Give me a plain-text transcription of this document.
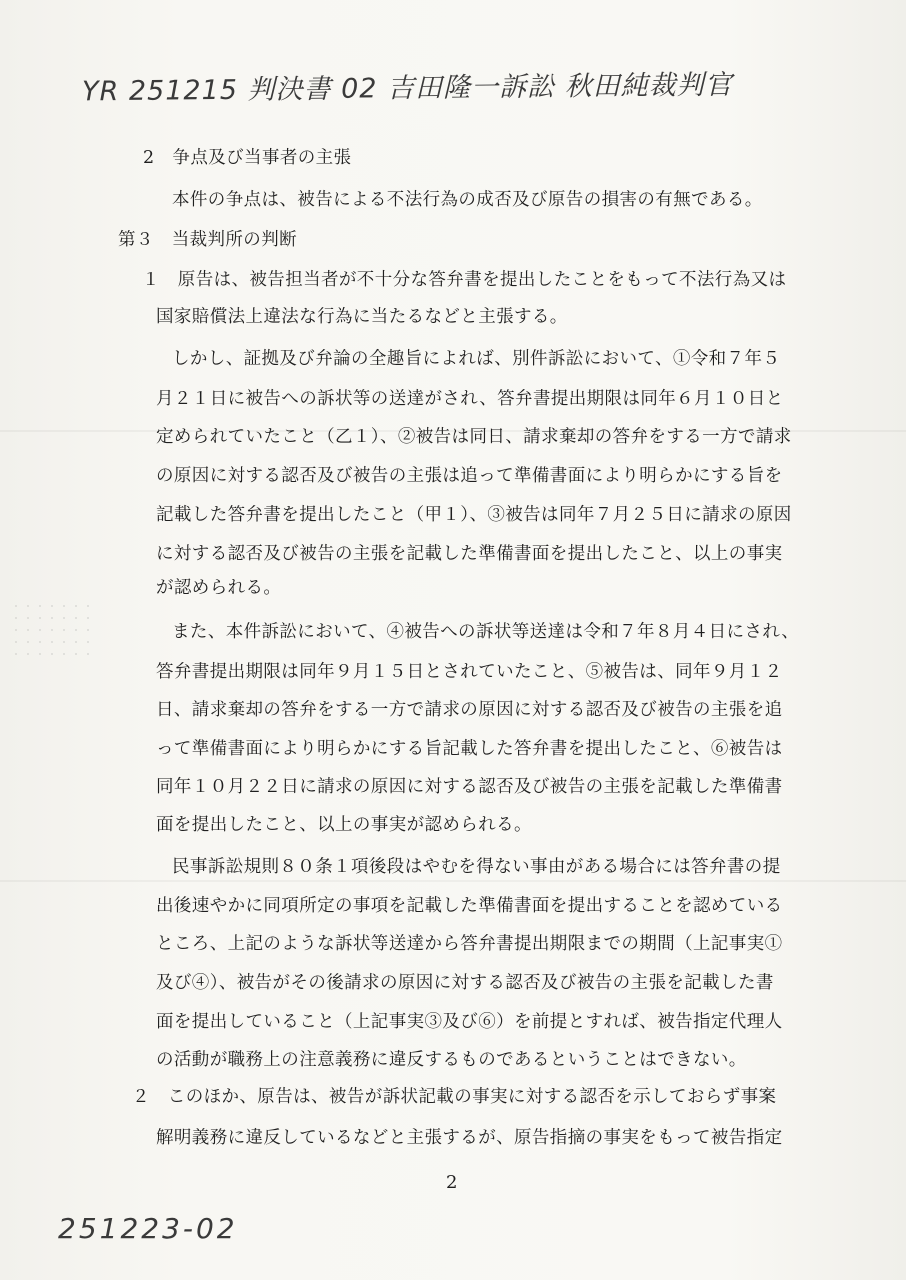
YR 251215 判決書 02 吉田隆一訴訟 秋田純裁判官
2　争点及び当事者の主張
本件の争点は、被告による不法行為の成否及び原告の損害の有無である。
第３　当裁判所の判断
１　原告は、被告担当者が不十分な答弁書を提出したことをもって不法行為又は
国家賠償法上違法な行為に当たるなどと主張する。
しかし、証拠及び弁論の全趣旨によれば、別件訴訟において、①令和７年５
月２１日に被告への訴状等の送達がされ、答弁書提出期限は同年６月１０日と
定められていたこと（乙１）、②被告は同日、請求棄却の答弁をする一方で請求
の原因に対する認否及び被告の主張は追って準備書面により明らかにする旨を
記載した答弁書を提出したこと（甲１）、③被告は同年７月２５日に請求の原因
に対する認否及び被告の主張を記載した準備書面を提出したこと、以上の事実
が認められる。
また、本件訴訟において、④被告への訴状等送達は令和７年８月４日にされ、
答弁書提出期限は同年９月１５日とされていたこと、⑤被告は、同年９月１２
日、請求棄却の答弁をする一方で請求の原因に対する認否及び被告の主張を追
って準備書面により明らかにする旨記載した答弁書を提出したこと、⑥被告は
同年１０月２２日に請求の原因に対する認否及び被告の主張を記載した準備書
面を提出したこと、以上の事実が認められる。
民事訴訟規則８０条１項後段はやむを得ない事由がある場合には答弁書の提
出後速やかに同項所定の事項を記載した準備書面を提出することを認めている
ところ、上記のような訴状等送達から答弁書提出期限までの期間（上記事実①
及び④）、被告がその後請求の原因に対する認否及び被告の主張を記載した書
面を提出していること（上記事実③及び⑥）を前提とすれば、被告指定代理人
の活動が職務上の注意義務に違反するものであるということはできない。
２　このほか、原告は、被告が訴状記載の事実に対する認否を示しておらず事案
解明義務に違反しているなどと主張するが、原告指摘の事実をもって被告指定
2
251223-02
